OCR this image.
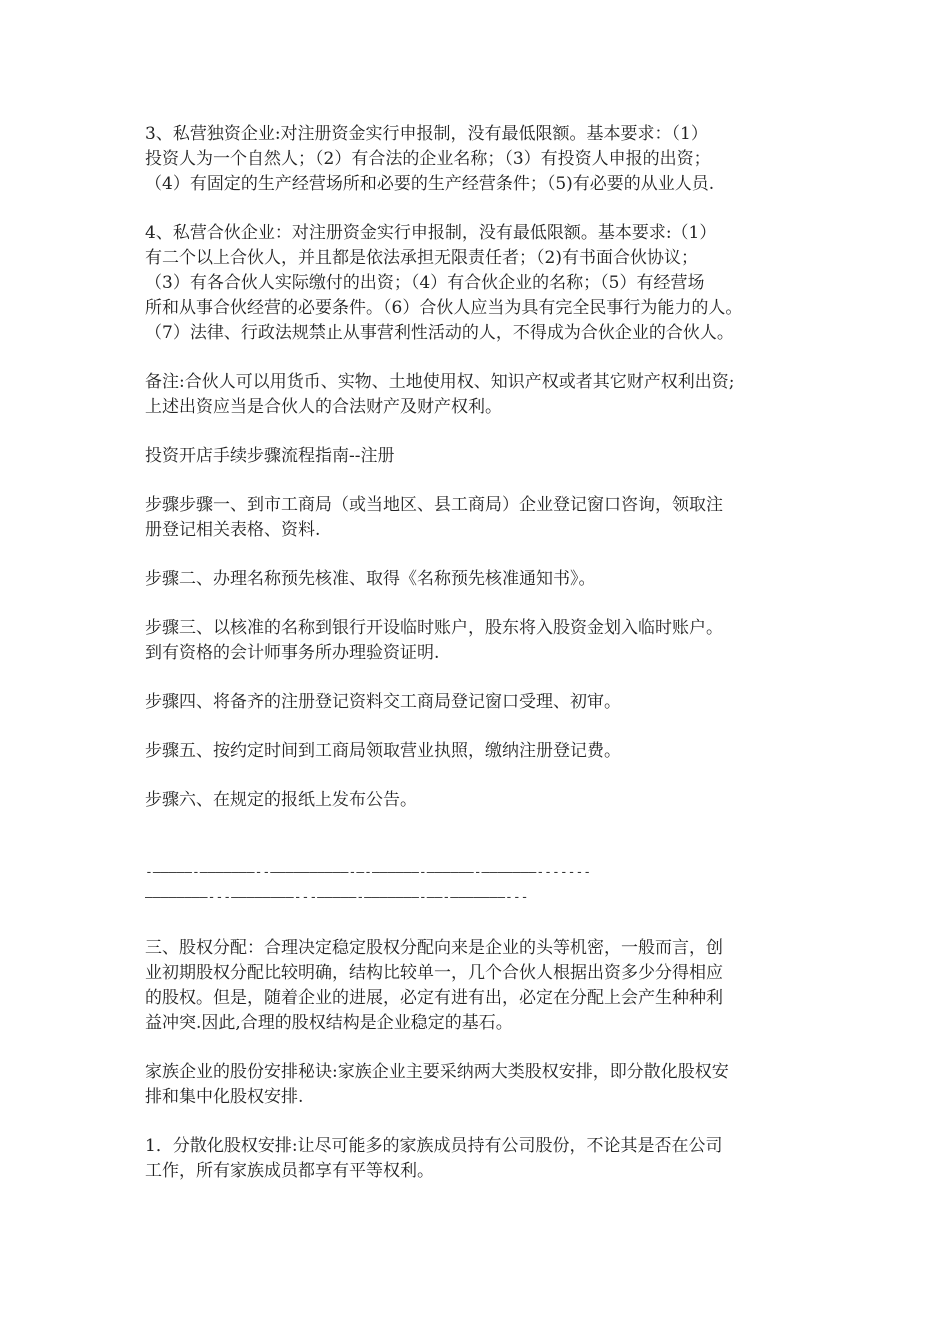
3、私营独资企业:对注册资金实行申报制，没有最低限额。基本要求：（1）
投资人为一个自然人；（2）有合法的企业名称；（3）有投资人申报的出资；
（4）有固定的生产经营场所和必要的生产经营条件；（5)有必要的从业人员.

4、私营合伙企业：对注册资金实行申报制，没有最低限额。基本要求:（1）
有二个以上合伙人，并且都是依法承担无限责任者；（2)有书面合伙协议；
（3）有各合伙人实际缴付的出资；（4）有合伙企业的名称；（5）有经营场
所和从事合伙经营的必要条件。（6）合伙人应当为具有完全民事行为能力的人。
（7）法律、行政法规禁止从事营利性活动的人，不得成为合伙企业的合伙人。

备注:合伙人可以用货币、实物、土地使用权、知识产权或者其它财产权利出资;
上述出资应当是合伙人的合法财产及财产权利。

投资开店手续步骤流程指南--注册

步骤步骤一、到市工商局（或当地区、县工商局）企业登记窗口咨询，领取注
册登记相关表格、资料.

步骤二、办理名称预先核准、取得《名称预先核准通知书》。

步骤三、以核准的名称到银行开设临时账户，股东将入股资金划入临时账户。
到有资格的会计师事务所办理验资证明.

步骤四、将备齐的注册登记资料交工商局登记窗口受理、初审。

步骤五、按约定时间到工商局领取营业执照，缴纳注册登记费。

步骤六、在规定的报纸上发布公告。

-—————-———————--——————————-—-——————-——————-———————-------
————————---————————---—————-———————-——-———————---

三、股权分配：合理决定稳定股权分配向来是企业的头等机密，一般而言，创
业初期股权分配比较明确，结构比较单一，几个合伙人根据出资多少分得相应
的股权。但是，随着企业的进展，必定有进有出，必定在分配上会产生种种利
益冲突.因此,合理的股权结构是企业稳定的基石。

家族企业的股份安排秘诀:家族企业主要采纳两大类股权安排，即分散化股权安
排和集中化股权安排.

1．分散化股权安排:让尽可能多的家族成员持有公司股份，不论其是否在公司
工作，所有家族成员都享有平等权利。
